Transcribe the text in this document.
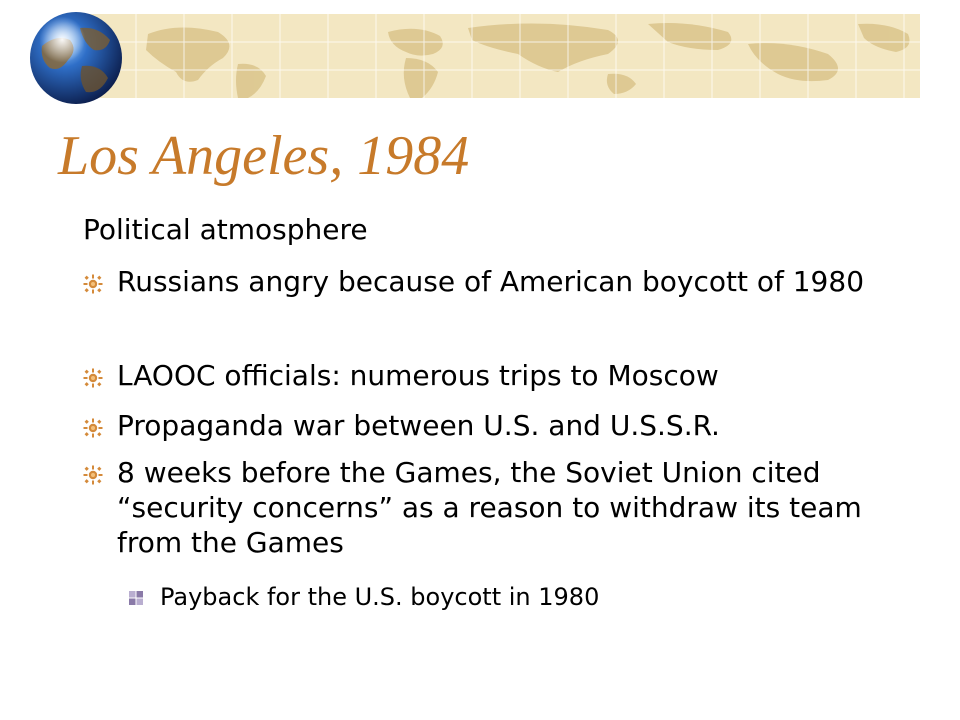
Los Angeles, 1984
Political atmosphere
Russians angry because of American boycott of 1980
LAOOC officials: numerous trips to Moscow
Propaganda war between U.S. and U.S.S.R.
8 weeks before the Games, the Soviet Union cited “security concerns” as a reason to withdraw its team from the Games
Payback for the U.S. boycott in 1980
